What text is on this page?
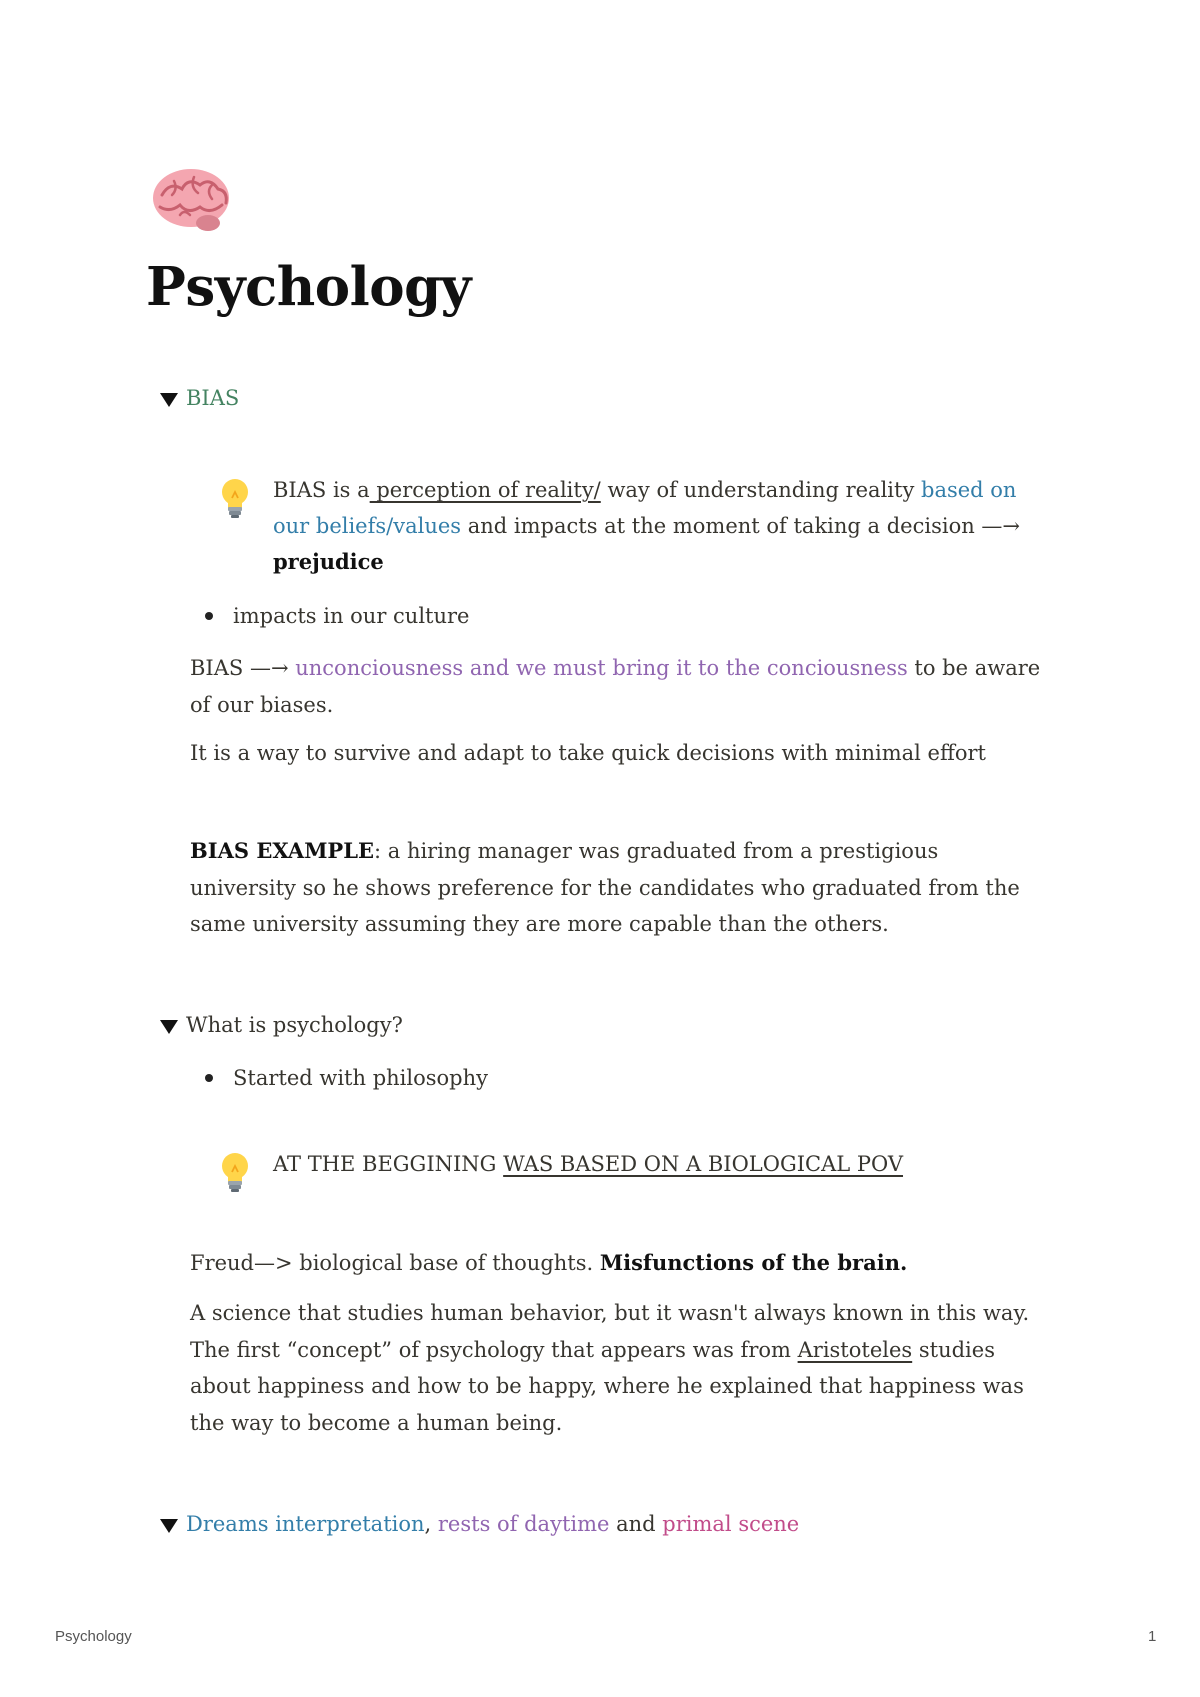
Psychology
BIAS
BIAS is a perception of reality/ way of understanding reality based on our beliefs/values and impacts at the moment of taking a decision —→ prejudice
impacts in our culture

BIAS —→ unconciousness and we must bring it to the conciousness to be aware of our biases.

It is a way to survive and adapt to take quick decisions with minimal effort

BIAS EXAMPLE: a hiring manager was graduated from a prestigious university so he shows preference for the candidates who graduated from the same university assuming they are more capable than the others.

What is psychology?
Started with philosophy
AT THE BEGGINING WAS BASED ON A BIOLOGICAL POV

Freud—> biological base of thoughts. Misfunctions of the brain.

A science that studies human behavior, but it wasn't always known in this way. The first “concept” of psychology that appears was from Aristoteles studies about happiness and how to be happy, where he explained that happiness was the way to become a human being.

Dreams interpretation, rests of daytime and primal scene
Psychology	1
